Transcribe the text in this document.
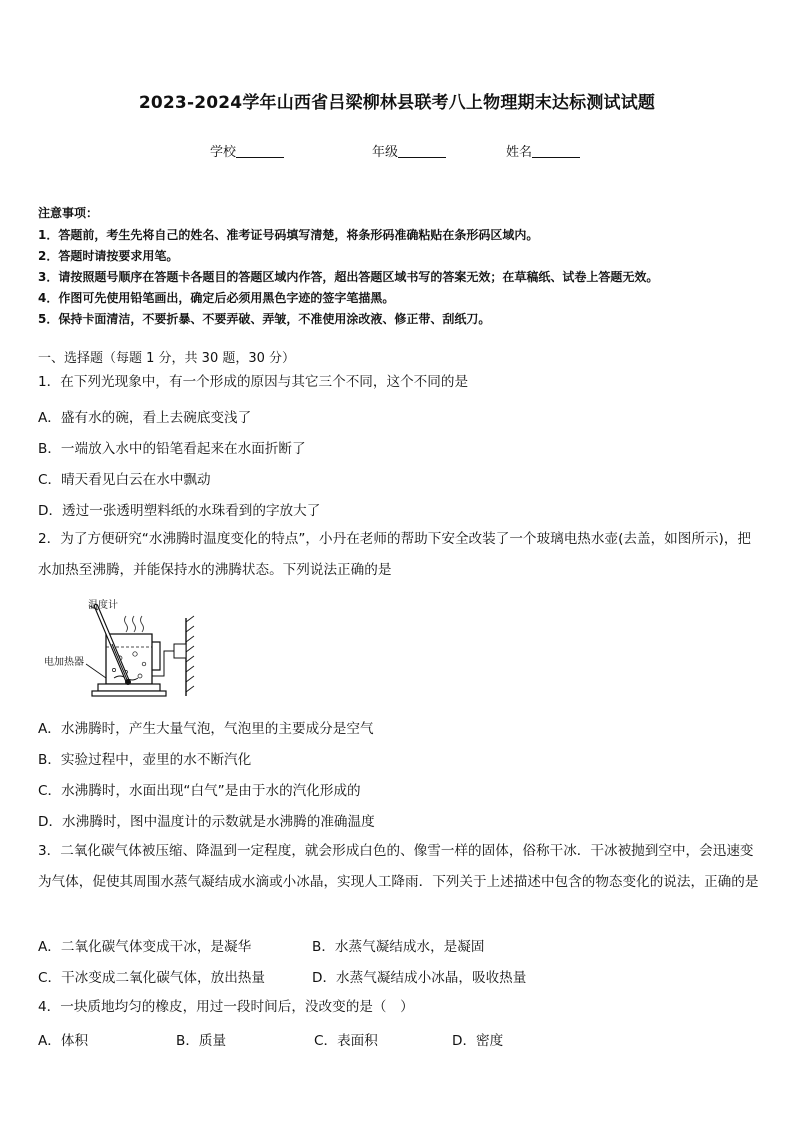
2023-2024学年山西省吕梁柳林县联考八上物理期末达标测试试题
学校	年级	姓名
注意事项：
1．答题前，考生先将自己的姓名、准考证号码填写清楚，将条形码准确粘贴在条形码区域内。
2．答题时请按要求用笔。
3．请按照题号顺序在答题卡各题目的答题区域内作答，超出答题区域书写的答案无效；在草稿纸、试卷上答题无效。
4．作图可先使用铅笔画出，确定后必须用黑色字迹的签字笔描黑。
5．保持卡面清洁，不要折暴、不要弄破、弄皱，不准使用涂改液、修正带、刮纸刀。
一、选择题（每题 1 分，共 30 题，30 分）
1．在下列光现象中，有一个形成的原因与其它三个不同，这个不同的是
A．盛有水的碗，看上去碗底变浅了
B．一端放入水中的铅笔看起来在水面折断了
C．晴天看见白云在水中飘动
D．透过一张透明塑料纸的水珠看到的字放大了
2．为了方便研究“水沸腾时温度变化的特点”，小丹在老师的帮助下安全改装了一个玻璃电热水壶(去盖，如图所示)，把水加热至沸腾，并能保持水的沸腾状态。下列说法正确的是
温度计
电加热器
A．水沸腾时，产生大量气泡，气泡里的主要成分是空气
B．实验过程中，壶里的水不断汽化
C．水沸腾时，水面出现“白气”是由于水的汽化形成的
D．水沸腾时，图中温度计的示数就是水沸腾的准确温度
3．二氧化碳气体被压缩、降温到一定程度，就会形成白色的、像雪一样的固体，俗称干冰．干冰被抛到空中，会迅速变为气体，促使其周围水蒸气凝结成水滴或小冰晶，实现人工降雨．下列关于上述描述中包含的物态变化的说法，正确的是
A．二氧化碳气体变成干冰，是凝华	B．水蒸气凝结成水，是凝固
C．干冰变成二氧化碳气体，放出热量	D．水蒸气凝结成小冰晶，吸收热量
4．一块质地均匀的橡皮，用过一段时间后，没改变的是（　）
A．体积	B．质量	C．表面积	D．密度
